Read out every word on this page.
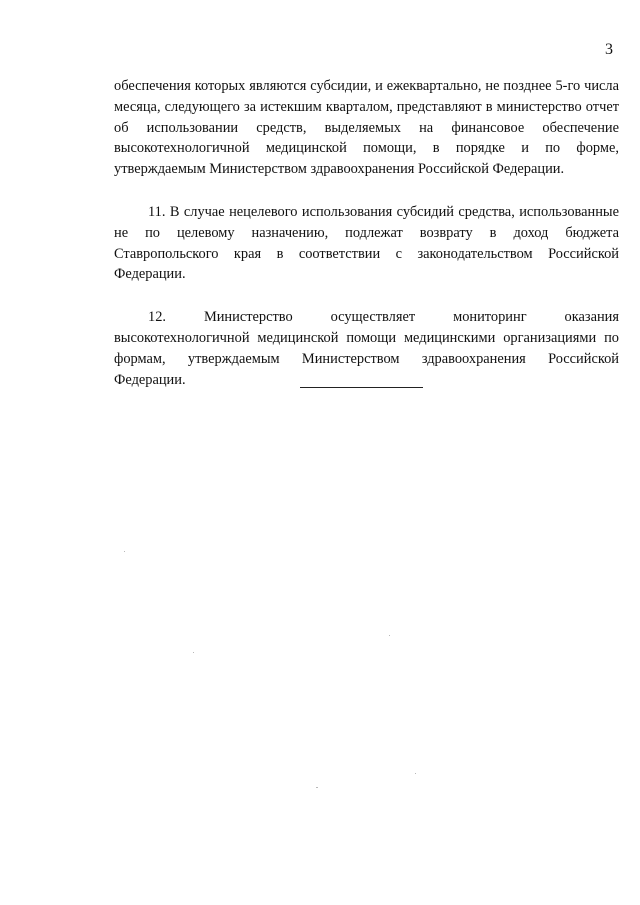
3

обеспечения которых являются субсидии, и ежеквартально, не позднее 5-го числа месяца, следующего за истекшим кварталом, представляют в министерство отчет об использовании средств, выделяемых на финансовое обеспечение высокотехнологичной медицинской помощи, в порядке и по форме, утверждаемым Министерством здравоохранения Российской Федерации.

11. В случае нецелевого использования субсидий средства, использованные не по целевому назначению, подлежат возврату в доход бюджета Ставропольского края в соответствии с законодательством Российской Федерации.

12. Министерство осуществляет мониторинг оказания высокотехнологичной медицинской помощи медицинскими организациями по формам, утверждаемым Министерством здравоохранения Российской Федерации.
